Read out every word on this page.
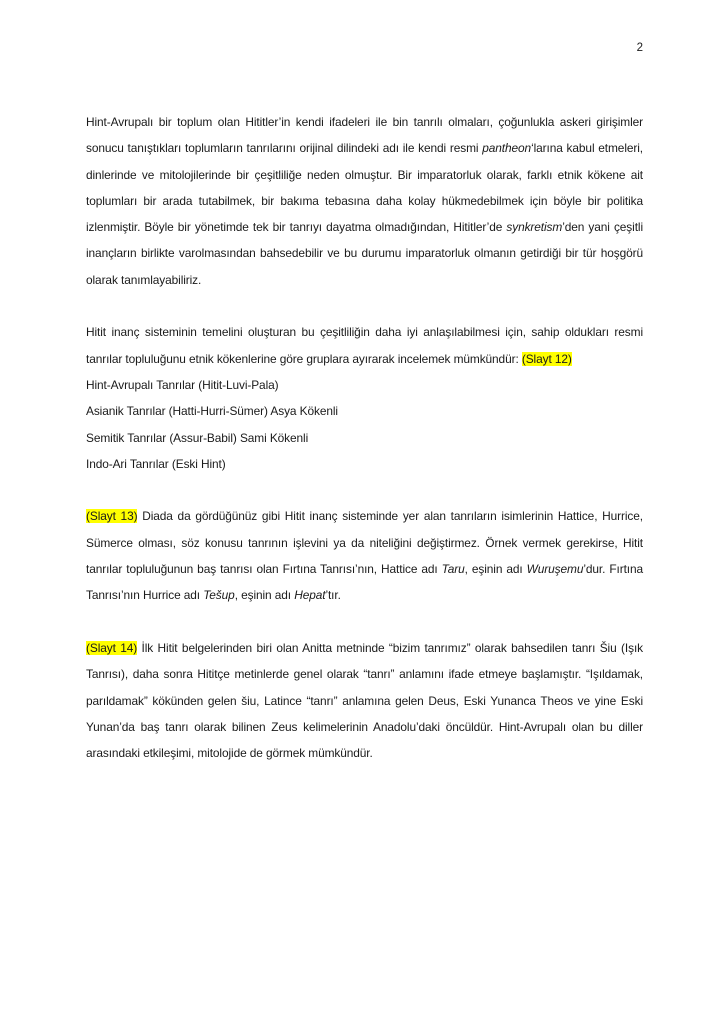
2

Hint-Avrupalı bir toplum olan Hititler’in kendi ifadeleri ile bin tanrılı olmaları, çoğunlukla askeri girişimler sonucu tanıştıkları toplumların tanrılarını orijinal dilindeki adı ile kendi resmi pantheon‘larına kabul etmeleri, dinlerinde ve mitolojilerinde bir çeşitliliğe neden olmuştur. Bir imparatorluk olarak, farklı etnik kökene ait toplumları bir arada tutabilmek, bir bakıma tebasına daha kolay hükmedebilmek için böyle bir politika izlenmiştir. Böyle bir yönetimde tek bir tanrıyı dayatma olmadığından, Hititler’de synkretism’den yani çeşitli inançların birlikte varolmasından bahsedebilir ve bu durumu imparatorluk olmanın getirdiği bir tür hoşgörü olarak tanımlayabiliriz.

Hitit inanç sisteminin temelini oluşturan bu çeşitliliğin daha iyi anlaşılabilmesi için, sahip oldukları resmi tanrılar topluluğunu etnik kökenlerine göre gruplara ayırarak incelemek mümkündür: (Slayt 12)

Hint-Avrupalı Tanrılar (Hitit-Luvi-Pala)

Asianik Tanrılar (Hatti-Hurri-Sümer) Asya Kökenli

Semitik Tanrılar (Assur-Babil) Sami Kökenli

Indo-Ari Tanrılar (Eski Hint)

(Slayt 13) Diada da gördüğünüz gibi Hitit inanç sisteminde yer alan tanrıların isimlerinin Hattice, Hurrice, Sümerce olması, söz konusu tanrının işlevini ya da niteliğini değiştirmez. Örnek vermek gerekirse, Hitit tanrılar topluluğunun baş tanrısı olan Fırtına Tanrısı’nın, Hattice adı Taru, eşinin adı Wuruşemu’dur. Fırtına Tanrısı’nın Hurrice adı Tešup, eşinin adı Hepat’tır.

(Slayt 14) İlk Hitit belgelerinden biri olan Anitta metninde “bizim tanrımız” olarak bahsedilen tanrı Šiu (Işık Tanrısı), daha sonra Hititçe metinlerde genel olarak “tanrı” anlamını ifade etmeye başlamıştır. “Işıldamak, parıldamak” kökünden gelen šiu, Latince “tanrı” anlamına gelen Deus, Eski Yunanca Theos ve yine Eski Yunan’da baş tanrı olarak bilinen Zeus kelimelerinin Anadolu’daki öncüldür. Hint-Avrupalı olan bu diller arasındaki etkileşimi, mitolojide de görmek mümkündür.
